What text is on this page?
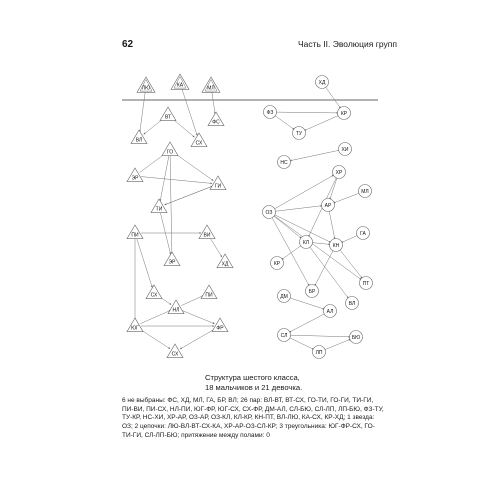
62	Часть II. Эволюция групп
ЛЮ	КА	МЛ
ФС
ВТ
ВЛ	СХ
ГО
ЭР
ГИ
ТИ
ПИ	ВИ
ЭР	ХД
СХ
НЛ
ПИ
ЮГ	ФР
СХ
ХД
ФЗ	КР
ТУ
ХИ
НС
ХР
МЛ
АР
ОЗ
ГА
КЛ	КН
КР
ПТ
БР
ВЛ
ДМ
АЛ
СЛ	БЮ
ЛП
Структура шестого класса,
18 мальчиков и 21 девочка.
6 не выбраны: ФС, ХД, МЛ, ГА, БР, ВЛ; 26 пар: ВЛ-ВТ, ВТ-СХ, ГО-ТИ, ГО-ГИ, ТИ-ГИ, ПИ-ВИ, ПИ-СХ, НЛ-ПИ, ЮГ-ФР, ЮГ-СХ, СХ-ФР, ДМ-АЛ, СЛ-БЮ, СЛ-ЛП, ЛП-БЮ, ФЗ-ТУ, ТУ-КР, НС-ХИ, ХР-АР, ОЗ-АР, ОЗ-КЛ, КЛ-КР, КН-ПТ, ВЛ-ЛЮ, КА-СХ, КР-ХД; 1 звезда: ОЗ; 2 цепочки: ЛЮ-ВЛ-ВТ-СХ-КА, ХР-АР-ОЗ-СЛ-КР; 3 треугольника: ЮГ-ФР-СХ, ГО-ТИ-ГИ, СЛ-ЛП-БЮ; притяжение между полами: 0
